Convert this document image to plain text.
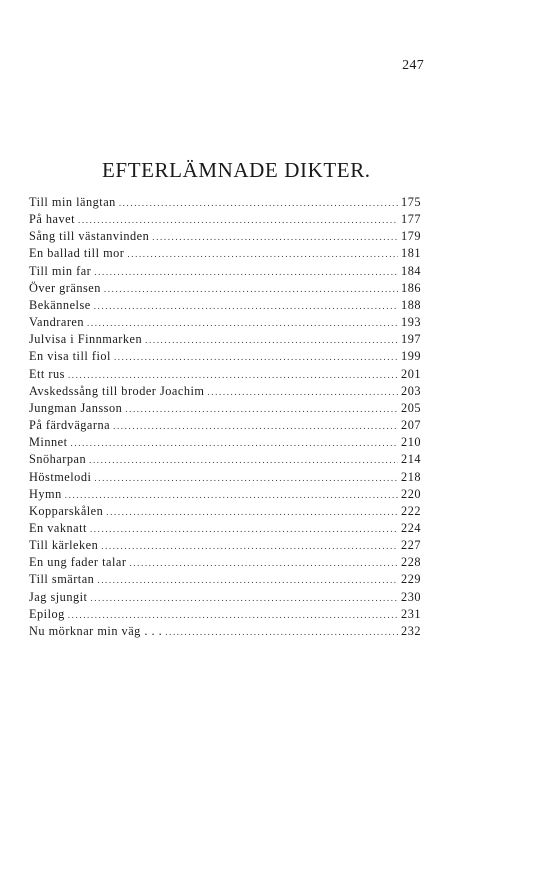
247
EFTERLÄMNADE DIKTER.
Till min längtan .....	175
På havet .....	177
Sång till västanvinden .....	179
En ballad till mor .....	181
Till min far .....	184
Över gränsen .....	186
Bekännelse .....	188
Vandraren .....	193
Julvisa i Finnmarken .....	197
En visa till fiol .....	199
Ett rus .....	201
Avskedssång till broder Joachim .....	203
Jungman Jansson .....	205
På färdvägarna .....	207
Minnet .....	210
Snöharpan .....	214
Höstmelodi .....	218
Hymn .....	220
Kopparskålen .....	222
En vaknatt .....	224
Till kärleken .....	227
En ung fader talar .....	228
Till smärtan .....	229
Jag sjungit .....	230
Epilog .....	231
Nu mörknar min väg . . . .....	232
